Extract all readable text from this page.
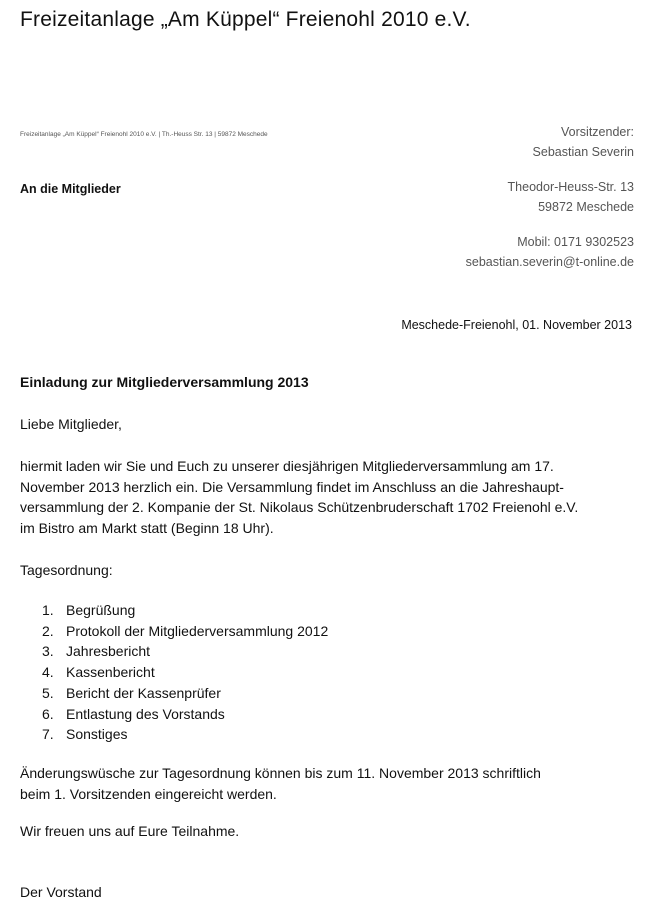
Freizeitanlage „Am Küppel“ Freienohl 2010 e.V.
Freizeitanlage „Am Küppel“ Freienohl 2010 e.V. | Th.-Heuss Str. 13 | 59872 Meschede
An die Mitglieder
Vorsitzender:
Sebastian Severin
Theodor-Heuss-Str. 13
59872 Meschede
Mobil: 0171 9302523
sebastian.severin@t-online.de
Meschede-Freienohl, 01. November 2013
Einladung zur Mitgliederversammlung 2013
Liebe Mitglieder,
hiermit laden wir Sie und Euch zu unserer diesjährigen Mitgliederversammlung am 17.
November 2013 herzlich ein. Die Versammlung findet im Anschluss an die Jahreshaupt-
versammlung der 2. Kompanie der St. Nikolaus Schützenbruderschaft 1702 Freienohl e.V.
im Bistro am Markt statt (Beginn 18 Uhr).
Tagesordnung:
1. Begrüßung
2. Protokoll der Mitgliederversammlung 2012
3. Jahresbericht
4. Kassenbericht
5. Bericht der Kassenprüfer
6. Entlastung des Vorstands
7. Sonstiges
Änderungswüsche zur Tagesordnung können bis zum 11. November 2013 schriftlich
beim 1. Vorsitzenden eingereicht werden.
Wir freuen uns auf Eure Teilnahme.
Der Vorstand
